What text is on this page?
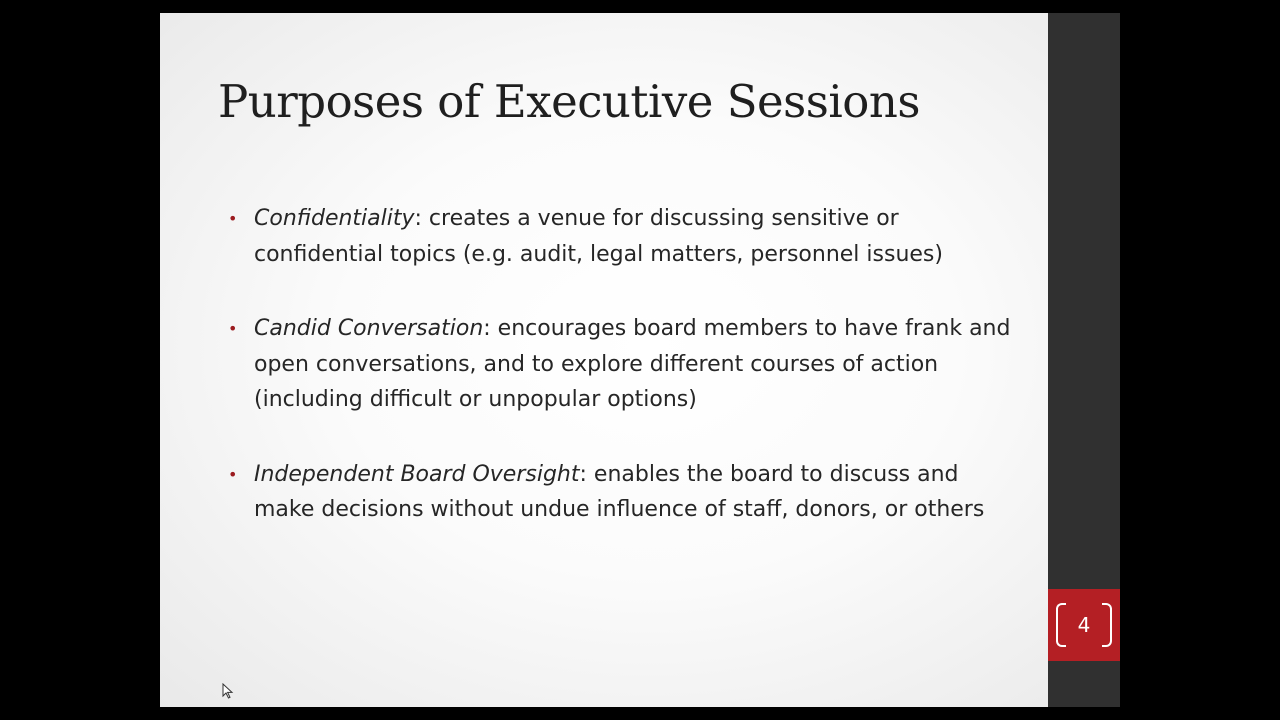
Purposes of Executive Sessions
• Confidentiality: creates a venue for discussing sensitive or confidential topics (e.g. audit, legal matters, personnel issues)
• Candid Conversation: encourages board members to have frank and open conversations, and to explore different courses of action (including difficult or unpopular options)
• Independent Board Oversight: enables the board to discuss and make decisions without undue influence of staff, donors, or others
4
